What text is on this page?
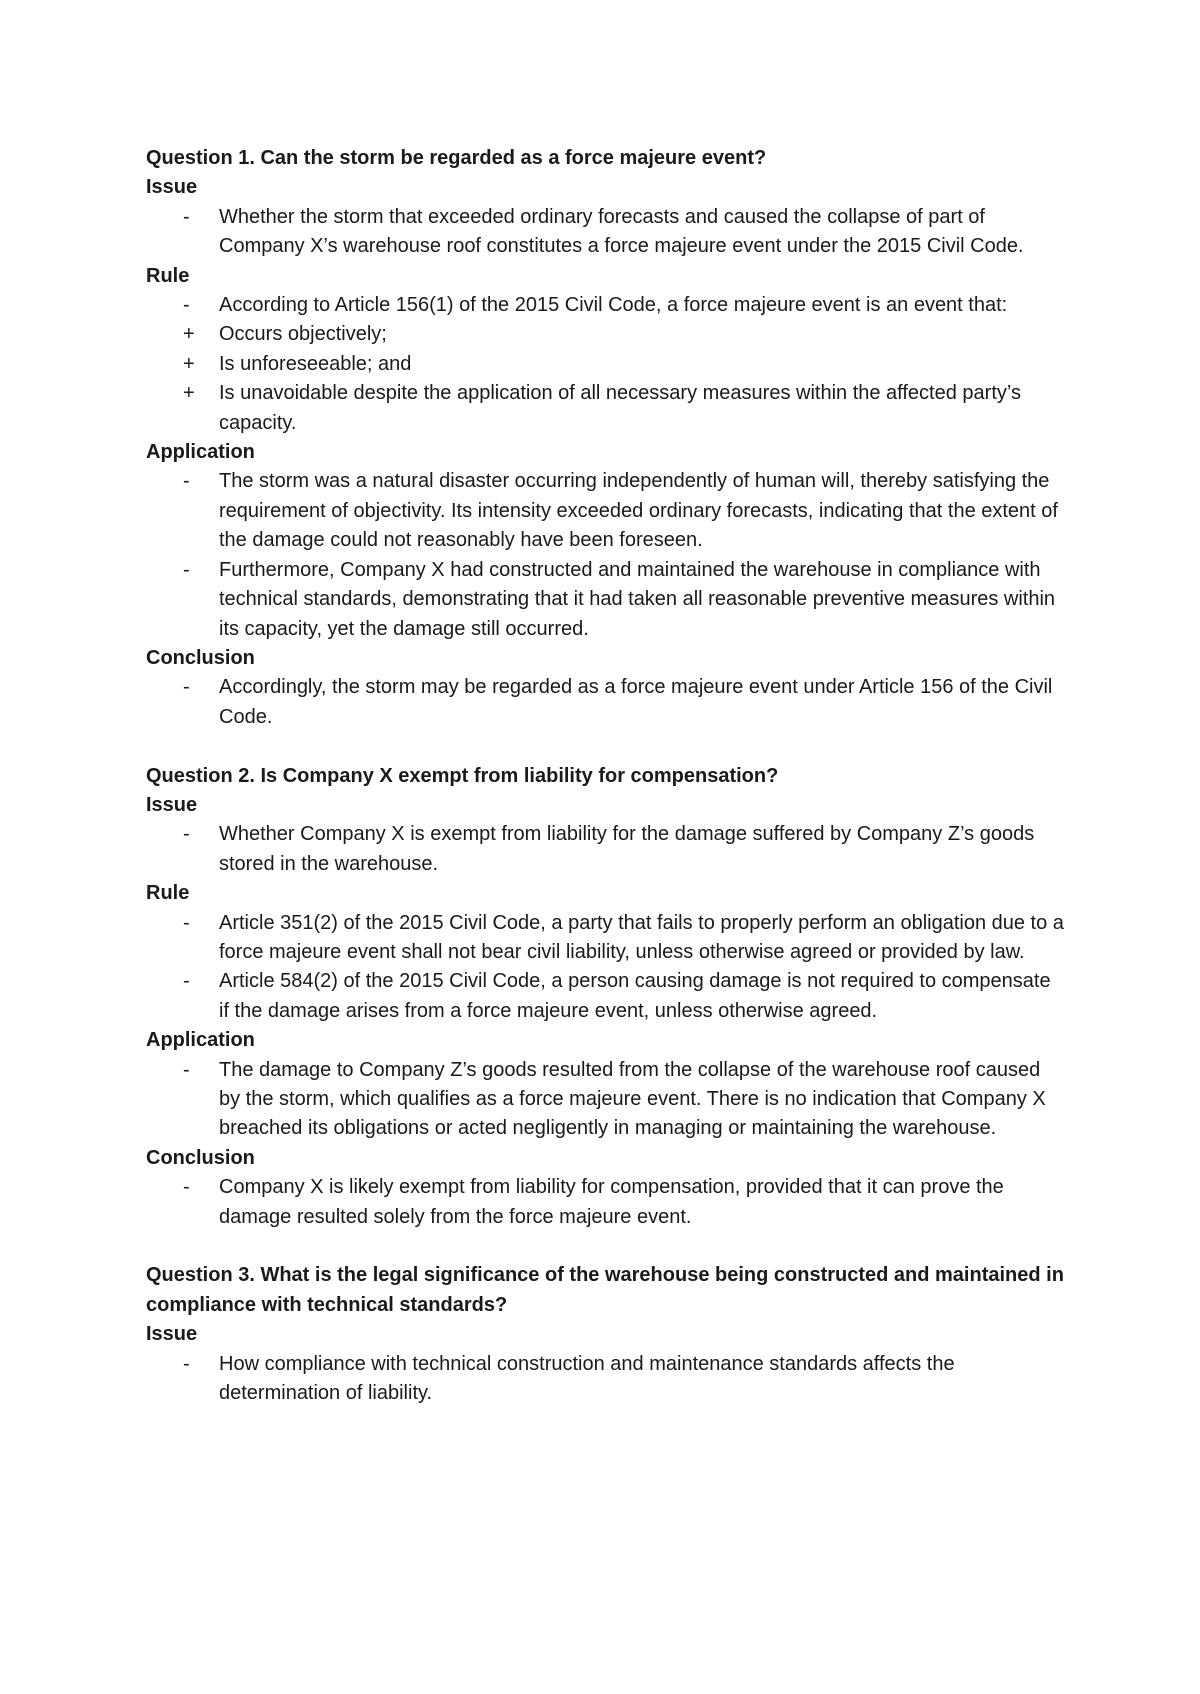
Question 1. Can the storm be regarded as a force majeure event?

Issue

- Whether the storm that exceeded ordinary forecasts and caused the collapse of part of Company X’s warehouse roof constitutes a force majeure event under the 2015 Civil Code.

Rule

- According to Article 156(1) of the 2015 Civil Code, a force majeure event is an event that:
+ Occurs objectively;
+ Is unforeseeable; and
+ Is unavoidable despite the application of all necessary measures within the affected party’s capacity.

Application

- The storm was a natural disaster occurring independently of human will, thereby satisfying the requirement of objectivity. Its intensity exceeded ordinary forecasts, indicating that the extent of the damage could not reasonably have been foreseen.
- Furthermore, Company X had constructed and maintained the warehouse in compliance with technical standards, demonstrating that it had taken all reasonable preventive measures within its capacity, yet the damage still occurred.

Conclusion

- Accordingly, the storm may be regarded as a force majeure event under Article 156 of the Civil Code.

Question 2. Is Company X exempt from liability for compensation?

Issue

- Whether Company X is exempt from liability for the damage suffered by Company Z’s goods stored in the warehouse.

Rule

- Article 351(2) of the 2015 Civil Code, a party that fails to properly perform an obligation due to a force majeure event shall not bear civil liability, unless otherwise agreed or provided by law.
- Article 584(2) of the 2015 Civil Code, a person causing damage is not required to compensate if the damage arises from a force majeure event, unless otherwise agreed.

Application

- The damage to Company Z’s goods resulted from the collapse of the warehouse roof caused by the storm, which qualifies as a force majeure event. There is no indication that Company X breached its obligations or acted negligently in managing or maintaining the warehouse.

Conclusion

- Company X is likely exempt from liability for compensation, provided that it can prove the damage resulted solely from the force majeure event.

Question 3. What is the legal significance of the warehouse being constructed and maintained in compliance with technical standards?

Issue

- How compliance with technical construction and maintenance standards affects the determination of liability.
